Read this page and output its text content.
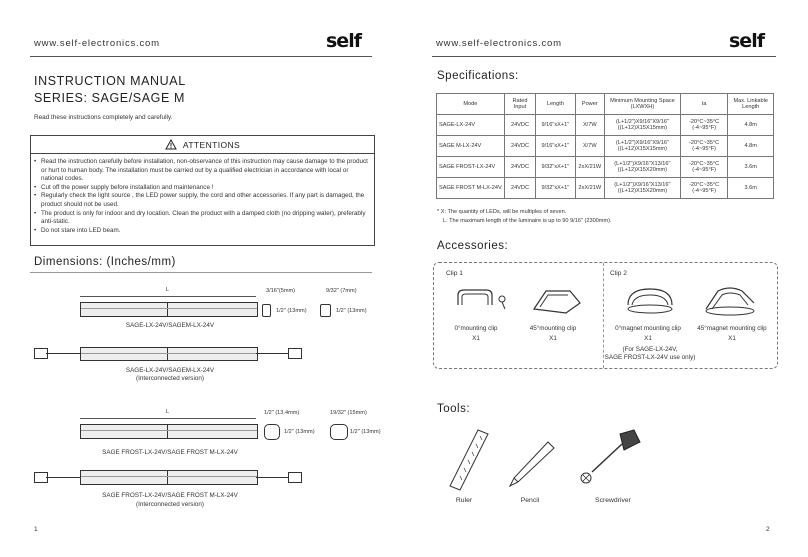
www.self-electronics.com	self
INSTRUCTION MANUAL
SERIES: SAGE/SAGE M
Read these instructions completely and carefully.
ATTENTIONS
• Read the instruction carefully before installation, non-observance of this instruction may cause damage to the product or hurt to human body. The installation must be carried out by a qualified electrician in accordance with local or national codes.
• Cut off the power supply before installation and maintenance !
• Regularly check the light source , the LED power supply, the cord and other accessories. If any part is damaged, the product should not be used.
• The product is only for indoor and dry location. Clean the product with a damped cloth (no dripping water), preferably anti-static.
• Do not stare into LED beam.
Dimensions: (Inches/mm)
L	3/16"(5mm)
1/2" (13mm)
9/32" (7mm)
1/2" (13mm)
SAGE-LX-24V/SAGEM-LX-24V
SAGE-LX-24V/SAGEM-LX-24V
(Interconnected version)
L	1/2" (13.4mm)
1/2" (13mm)
19/32" (15mm)
1/2" (13mm)
SAGE FROST-LX-24V/SAGE FROST M-LX-24V
SAGE FROST-LX-24V/SAGE FROST M-LX-24V
(Interconnected version)
1
www.self-electronics.com	self
Specifications:
Mode	Rated Input	Length	Power	Minimum Mounting Space (LXWXH)	ta	Max. Linkable Length
SAGE-LX-24V	24VDC	9/16"xX+1"	X/7W	(L+1/2")X9/16"X9/16" ((L+12)X15X15mm)	-20°C~35°C (-4~95°F)	4.8m
SAGE M-LX-24V	24VDC	9/16"xX+1"	X/7W	(L+1/2")X9/16"X9/16" ((L+12)X15X15mm)	-20°C~35°C (-4~95°F)	4.8m
SAGE FROST-LX-24V	24VDC	9/32"xX+1"	2xX/21W	(L+1/2")X9/16"X13/16" ((L+12)X15X20mm)	-20°C~35°C (-4~95°F)	3.6m
SAGE FROST M-LX-24V	24VDC	9/32"xX+1"	2xX/21W	(L+1/2")X9/16"X13/16" ((L+12)X15X20mm)	-20°C~35°C (-4~95°F)	3.6m
* X: The quantity of LEDs, will be multiples of seven.
L: The maximam length of the luminaire is up to 90 9/16" (2300mm).
Accessories:
Clip 1	Clip 2
0°mounting clip
X1
45°mounting clip
X1
0°magnet mounting clip
X1
45°magnet mounting clip
X1
(For SAGE-LX-24V,
SAGE FROST-LX-24V use only)
Tools:
Ruler	Pencil	Screwdriver
2
